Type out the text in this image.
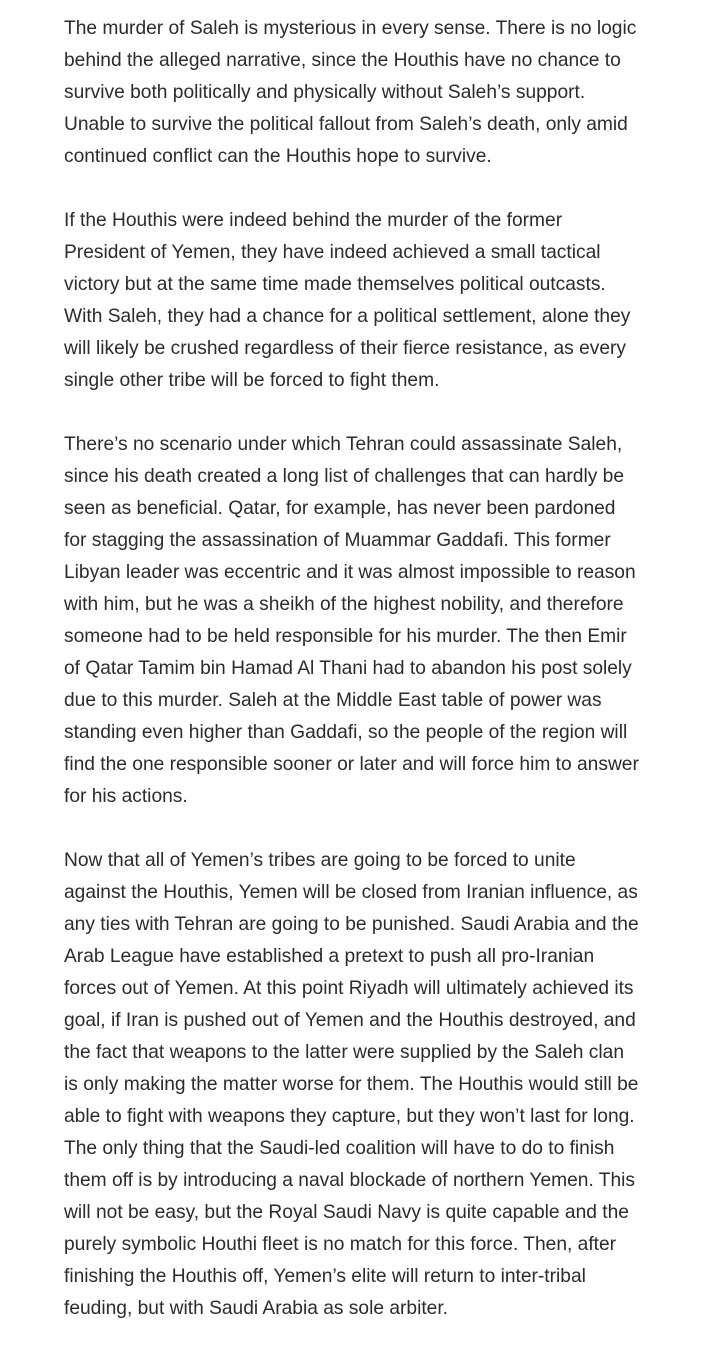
The murder of Saleh is mysterious in every sense. There is no logic
behind the alleged narrative, since the Houthis have no chance to
survive both politically and physically without Saleh’s support.
Unable to survive the political fallout from Saleh’s death, only amid
continued conflict can the Houthis hope to survive.

If the Houthis were indeed behind the murder of the former
President of Yemen, they have indeed achieved a small tactical
victory but at the same time made themselves political outcasts.
With Saleh, they had a chance for a political settlement, alone they
will likely be crushed regardless of their fierce resistance, as every
single other tribe will be forced to fight them.

There’s no scenario under which Tehran could assassinate Saleh,
since his death created a long list of challenges that can hardly be
seen as beneficial. Qatar, for example, has never been pardoned
for stagging the assassination of Muammar Gaddafi. This former
Libyan leader was eccentric and it was almost impossible to reason
with him, but he was a sheikh of the highest nobility, and therefore
someone had to be held responsible for his murder. The then Emir
of Qatar Tamim bin Hamad Al Thani had to abandon his post solely
due to this murder. Saleh at the Middle East table of power was
standing even higher than Gaddafi, so the people of the region will
find the one responsible sooner or later and will force him to answer
for his actions.

Now that all of Yemen’s tribes are going to be forced to unite
against the Houthis, Yemen will be closed from Iranian influence, as
any ties with Tehran are going to be punished. Saudi Arabia and the
Arab League have established a pretext to push all pro-Iranian
forces out of Yemen. At this point Riyadh will ultimately achieved its
goal, if Iran is pushed out of Yemen and the Houthis destroyed, and
the fact that weapons to the latter were supplied by the Saleh clan
is only making the matter worse for them. The Houthis would still be
able to fight with weapons they capture, but they won’t last for long.
The only thing that the Saudi-led coalition will have to do to finish
them off is by introducing a naval blockade of northern Yemen. This
will not be easy, but the Royal Saudi Navy is quite capable and the
purely symbolic Houthi fleet is no match for this force. Then, after
finishing the Houthis off, Yemen’s elite will return to inter-tribal
feuding, but with Saudi Arabia as sole arbiter.
